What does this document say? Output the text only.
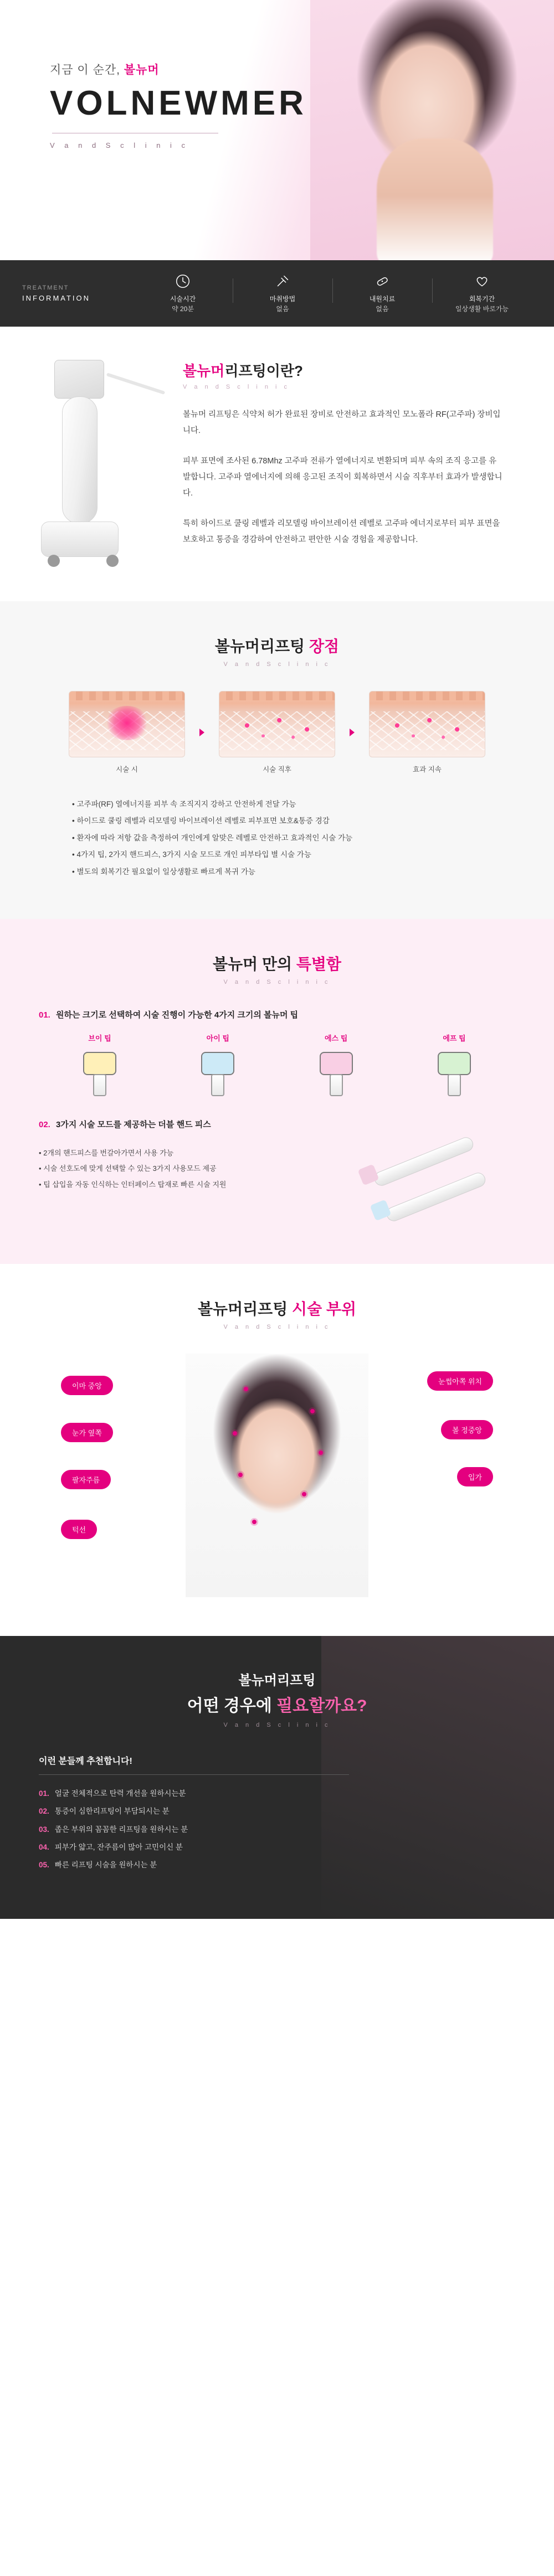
지금 이 순간, 볼뉴머
VOLNEWMER
V a n d S c l i n i c
TREATMENT
INFORMATION	시술시간
약 20분
마취방법
없음
내원치료
없음
회복기간
일상생활 바로가능
볼뉴머리프팅이란?
V a n d S c l i n i c

볼뉴머 리프팅은 식약처 허가 완료된 장비로 안전하고 효과적인 모노폴라 RF(고주파) 장비입니다.

피부 표면에 조사된 6.78Mhz 고주파 전류가 열에너지로 변환되며 피부 속의 조직 응고를 유발합니다. 고주파 열에너지에 의해 응고된 조직이 회복하면서 시술 직후부터 효과가 발생합니다.

특히 하이드로 쿨링 레벨과 리모델링 바이브레이션 레벨로 고주파 에너지로부터 피부 표면을 보호하고 통증을 경감하여 안전하고 편안한 시술 경험을 제공합니다.

볼뉴머리프팅 장점
V a n d S c l i n i c
시술 시	시술 직후	효과 지속
• 고주파(RF) 열에너지를 피부 속 조직지지 강하고 안전하게 전달 가능
• 하이드로 쿨링 레벨과 리모델링 바이브레이션 레벨로 피부표면 보호&통증 경감
• 환자에 따라 저항 값을 측정하여 개인에게 알맞은 레벨로 안전하고 효과적인 시술 가능
• 4가지 팁, 2가지 핸드피스, 3가지 시술 모드로 개인 피부타입 별 시술 가능
• 별도의 회복기간 필요없이 일상생활로 빠르게 복귀 가능
볼뉴머 만의 특별함
V a n d S c l i n i c
01. 원하는 크기로 선택하여 시술 진행이 가능한 4가지 크기의 볼뉴머 팁
브이 팁	아이 팁	에스 팁	에프 팁
02. 3가지 시술 모드를 제공하는 더블 핸드 피스
• 2개의 핸드피스를 번갈아가면서 사용 가능
• 시술 선호도에 맞게 선택할 수 있는 3가지 사용모드 제공
• 팁 삽입을 자동 인식하는 인터페이스 탑재로 빠른 시술 지원
볼뉴머리프팅 시술 부위
V a n d S c l i n i c
이마 중앙
눈가 옆쪽
팔자주름
턱선
눈썹아쪽 위치
볼 정중앙
입가
볼뉴머리프팅
어떤 경우에 필요할까요?
V a n d S c l i n i c
이런 분들께 추천합니다!
01. 얼굴 전체적으로 탄력 개선을 원하시는분
02. 통증이 심한리프팅이 부담되시는 분
03. 좁은 부위의 꼼꼼한 리프팅을 원하시는 분
04. 피부가 얇고, 잔주름이 많아 고민이신 분
05. 빠른 리프팅 시술을 원하시는 분
